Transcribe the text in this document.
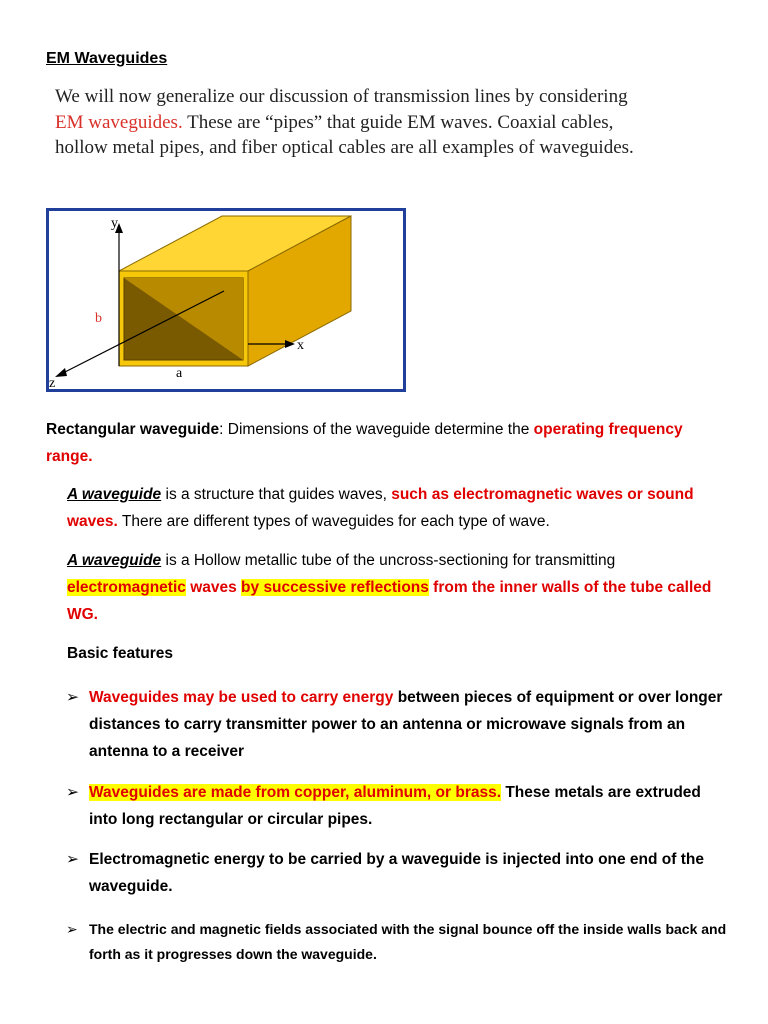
EM Waveguides
We will now generalize our discussion of transmission lines by considering EM waveguides. These are “pipes” that guide EM waves. Coaxial cables, hollow metal pipes, and fiber optical cables are all examples of waveguides.
y
x
z
a
b
Rectangular waveguide: Dimensions of the waveguide determine the operating frequency range.
A waveguide is a structure that guides waves, such as electromagnetic waves or sound waves. There are different types of waveguides for each type of wave.
A waveguide is a Hollow metallic tube of the uncross-sectioning for transmitting electromagnetic waves by successive reflections from the inner walls of the tube called WG.
Basic features
➢ Waveguides may be used to carry energy between pieces of equipment or over longer distances to carry transmitter power to an antenna or microwave signals from an antenna to a receiver
➢ Waveguides are made from copper, aluminum, or brass. These metals are extruded into long rectangular or circular pipes.
➢ Electromagnetic energy to be carried by a waveguide is injected into one end of the waveguide.
➢ The electric and magnetic fields associated with the signal bounce off the inside walls back and forth as it progresses down the waveguide.
